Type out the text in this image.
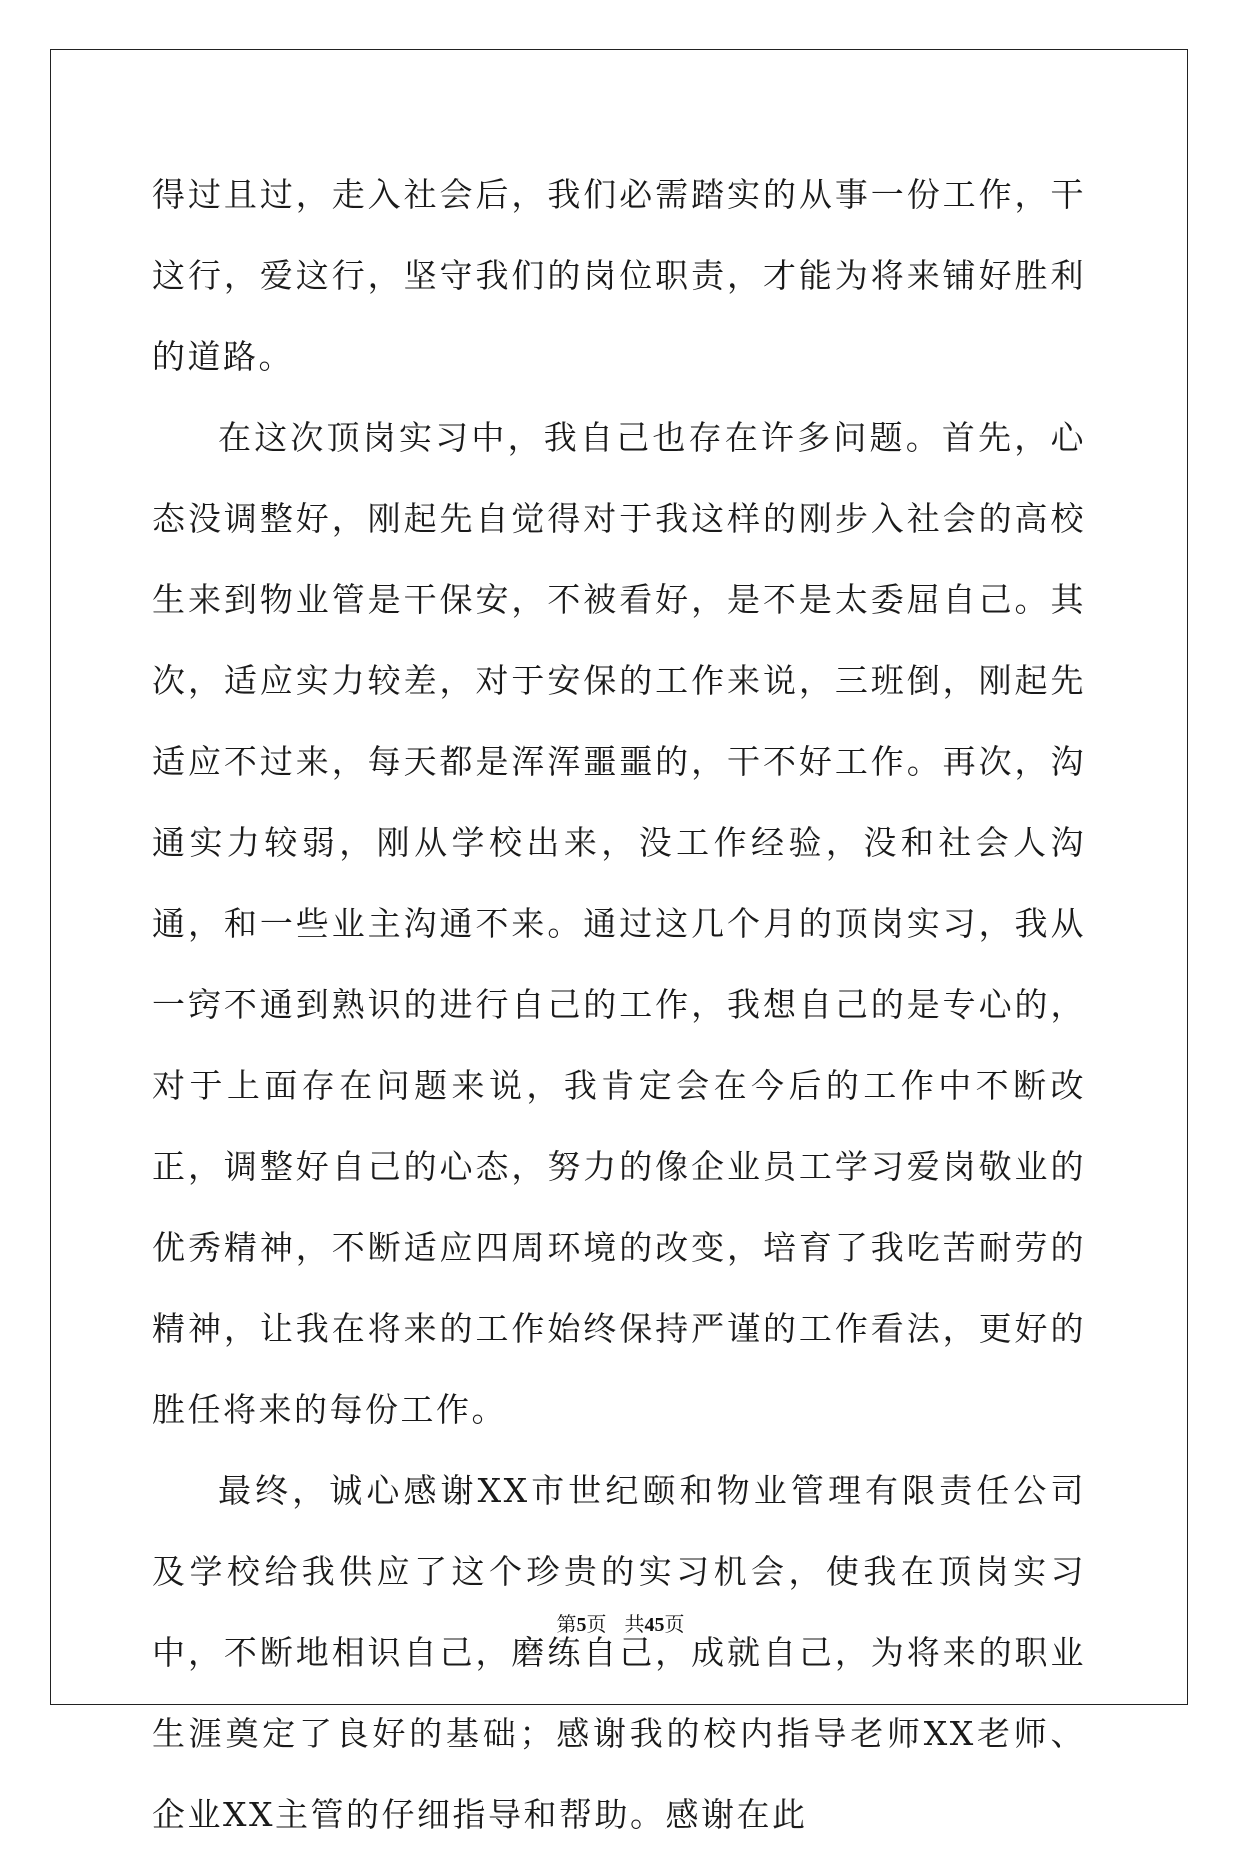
得过且过，走入社会后，我们必需踏实的从事一份工作，干这行，爱这行，坚守我们的岗位职责，才能为将来铺好胜利的道路。

在这次顶岗实习中，我自己也存在许多问题。首先，心态没调整好，刚起先自觉得对于我这样的刚步入社会的高校生来到物业管是干保安，不被看好，是不是太委屈自己。其次，适应实力较差，对于安保的工作来说，三班倒，刚起先适应不过来，每天都是浑浑噩噩的，干不好工作。再次，沟通实力较弱，刚从学校出来，没工作经验，没和社会人沟通，和一些业主沟通不来。通过这几个月的顶岗实习，我从一窍不通到熟识的进行自己的工作，我想自己的是专心的，对于上面存在问题来说，我肯定会在今后的工作中不断改正，调整好自己的心态，努力的像企业员工学习爱岗敬业的优秀精神，不断适应四周环境的改变，培育了我吃苦耐劳的精神，让我在将来的工作始终保持严谨的工作看法，更好的胜任将来的每份工作。

最终，诚心感谢XX市世纪颐和物业管理有限责任公司及学校给我供应了这个珍贵的实习机会，使我在顶岗实习中，不断地相识自己，磨练自己，成就自己，为将来的职业生涯奠定了良好的基础；感谢我的校内指导老师XX老师、企业XX主管的仔细指导和帮助。感谢在此

第5页 共45页
